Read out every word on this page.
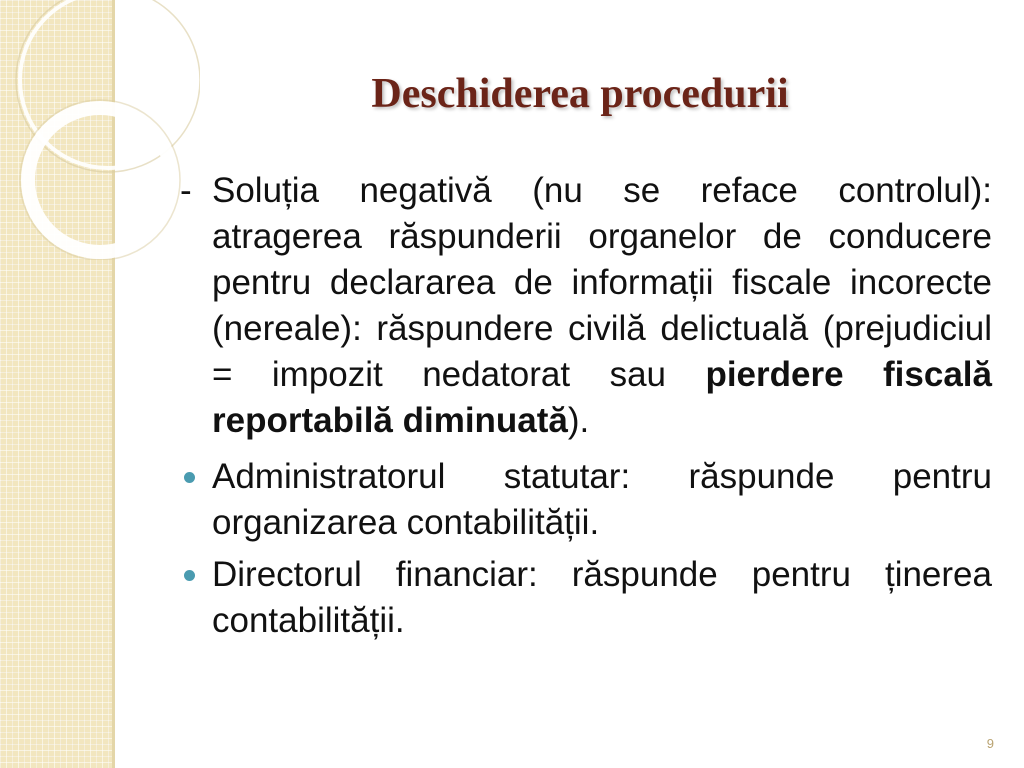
Deschiderea procedurii
- Soluția negativă (nu se reface controlul): atragerea răspunderii organelor de conducere pentru declararea de informații fiscale incorecte (nereale): răspundere civilă delictuală (prejudiciul = impozit nedatorat sau pierdere fiscală reportabilă diminuată).
Administratorul statutar: răspunde pentru organizarea contabilității.
Directorul financiar: răspunde pentru ținerea contabilității.
9
